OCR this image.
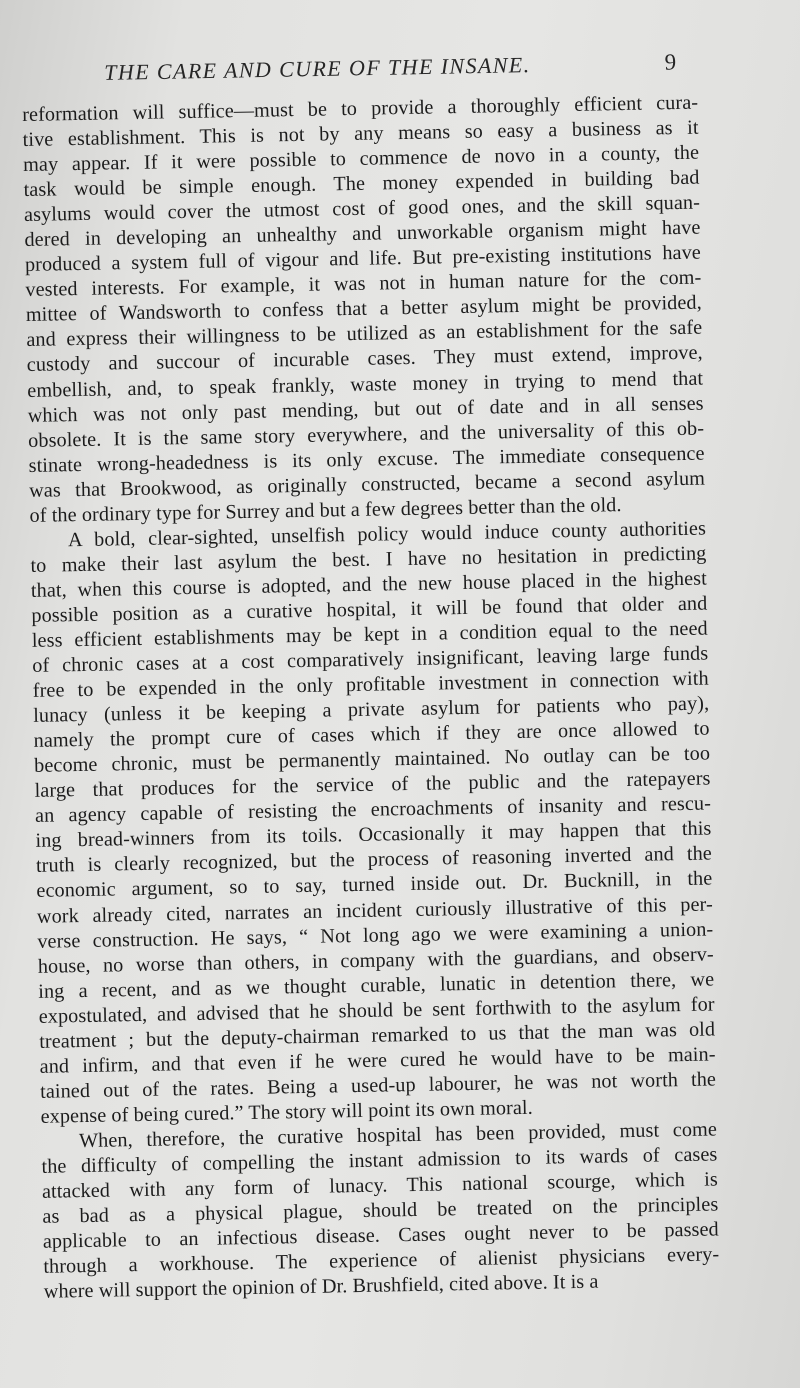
THE CARE AND CURE OF THE INSANE.	9
reformation will suffice—must be to provide a thoroughly efficient cura-
tive establishment. This is not by any means so easy a business as it
may appear. If it were possible to commence de novo in a county, the
task would be simple enough. The money expended in building bad
asylums would cover the utmost cost of good ones, and the skill squan-
dered in developing an unhealthy and unworkable organism might have
produced a system full of vigour and life. But pre-existing institutions have
vested interests. For example, it was not in human nature for the com-
mittee of Wandsworth to confess that a better asylum might be provided,
and express their willingness to be utilized as an establishment for the safe
custody and succour of incurable cases. They must extend, improve,
embellish, and, to speak frankly, waste money in trying to mend that
which was not only past mending, but out of date and in all senses
obsolete. It is the same story everywhere, and the universality of this ob-
stinate wrong-headedness is its only excuse. The immediate consequence
was that Brookwood, as originally constructed, became a second asylum
of the ordinary type for Surrey and but a few degrees better than the old.
A bold, clear-sighted, unselfish policy would induce county authorities
to make their last asylum the best. I have no hesitation in predicting
that, when this course is adopted, and the new house placed in the highest
possible position as a curative hospital, it will be found that older and
less efficient establishments may be kept in a condition equal to the need
of chronic cases at a cost comparatively insignificant, leaving large funds
free to be expended in the only profitable investment in connection with
lunacy (unless it be keeping a private asylum for patients who pay),
namely the prompt cure of cases which if they are once allowed to
become chronic, must be permanently maintained. No outlay can be too
large that produces for the service of the public and the ratepayers
an agency capable of resisting the encroachments of insanity and rescu-
ing bread-winners from its toils. Occasionally it may happen that this
truth is clearly recognized, but the process of reasoning inverted and the
economic argument, so to say, turned inside out. Dr. Bucknill, in the
work already cited, narrates an incident curiously illustrative of this per-
verse construction. He says, “ Not long ago we were examining a union-
house, no worse than others, in company with the guardians, and observ-
ing a recent, and as we thought curable, lunatic in detention there, we
expostulated, and advised that he should be sent forthwith to the asylum for
treatment ; but the deputy-chairman remarked to us that the man was old
and infirm, and that even if he were cured he would have to be main-
tained out of the rates. Being a used-up labourer, he was not worth the
expense of being cured.” The story will point its own moral.
When, therefore, the curative hospital has been provided, must come
the difficulty of compelling the instant admission to its wards of cases
attacked with any form of lunacy. This national scourge, which is
as bad as a physical plague, should be treated on the principles
applicable to an infectious disease. Cases ought never to be passed
through a workhouse. The experience of alienist physicians every-
where will support the opinion of Dr. Brushfield, cited above. It is a
